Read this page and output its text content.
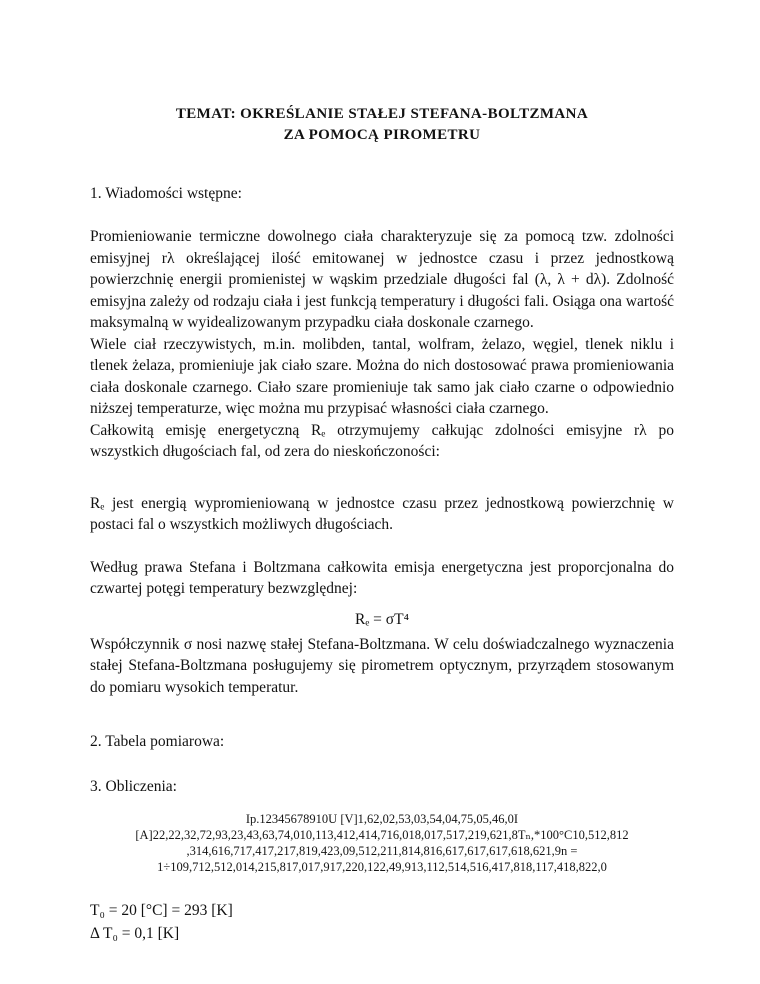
TEMAT: OKREŚLANIE STAŁEJ STEFANA-BOLTZMANA
ZA POMOCĄ PIROMETRU

1. Wiadomości wstępne:

Promieniowanie termiczne dowolnego ciała charakteryzuje się za pomocą tzw. zdolności emisyjnej rλ określającej ilość emitowanej w jednostce czasu i przez jednostkową powierzchnię energii promienistej w wąskim przedziale długości fal (λ, λ + dλ). Zdolność emisyjna zależy od rodzaju ciała i jest funkcją temperatury i długości fali. Osiąga ona wartość maksymalną w wyidealizowanym przypadku ciała doskonale czarnego.

Wiele ciał rzeczywistych, m.in. molibden, tantal, wolfram, żelazo, węgiel, tlenek niklu i tlenek żelaza, promieniuje jak ciało szare. Można do nich dostosować prawa promieniowania ciała doskonale czarnego. Ciało szare promieniuje tak samo jak ciało czarne o odpowiednio niższej temperaturze, więc można mu przypisać własności ciała czarnego.

Całkowitą emisję energetyczną Rₑ otrzymujemy całkując zdolności emisyjne rλ po wszystkich długościach fal, od zera do nieskończoności:

Rₑ jest energią wypromieniowaną w jednostce czasu przez jednostkową powierzchnię w postaci fal o wszystkich możliwych długościach.

Według prawa Stefana i Boltzmana całkowita emisja energetyczna jest proporcjonalna do czwartej potęgi temperatury bezwzględnej:

Rₑ = σT⁴

Współczynnik σ nosi nazwę stałej Stefana-Boltzmana. W celu doświadczalnego wyznaczenia stałej Stefana-Boltzmana posługujemy się pirometrem optycznym, przyrządem stosowanym do pomiaru wysokich temperatur.

2. Tabela pomiarowa:

3. Obliczenia:

Ip.12345678910U [V]1,62,02,53,03,54,04,75,05,46,0I
[A]22,22,32,72,93,23,43,63,74,010,113,412,414,716,018,017,517,219,621,8Tₙ,*100°C10,512,812
,314,616,717,417,217,819,423,09,512,211,814,816,617,617,617,618,621,9n =
1÷109,712,512,014,215,817,017,917,220,122,49,913,112,514,516,417,818,117,418,822,0

T₀ = 20 [°C] = 293 [K]

Δ T₀ = 0,1 [K]
